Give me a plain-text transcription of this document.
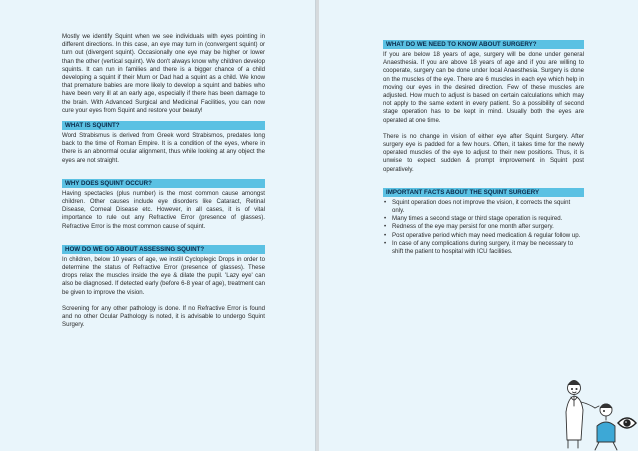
Mostly we identify Squint when we see individuals with eyes pointing in different directions. In this case, an eye may turn in (convergent squint) or turn out (divergent squint). Occasionally one eye may be higher or lower than the other (vertical squint). We don't always know why children develop squints. It can run in families and there is a bigger chance of a child developing a squint if their Mum or Dad had a squint as a child. We know that premature babies are more likely to develop a squint and babies who have been very ill at an early age, especially if there has been damage to the brain. With Advanced Surgical and Medicinal Facilities, you can now cure your eyes from Squint and restore your beauty!

WHAT IS SQUINT?

Word Strabismus is derived from Greek word Strabismos, predates long back to the time of Roman Empire. It is a condition of the eyes, where in there is an abnormal ocular alignment, thus while looking at any object the eyes are not straight.

WHY DOES SQUINT OCCUR?

Having spectacles (plus number) is the most common cause amongst children. Other causes include eye disorders like Cataract, Retinal Disease, Corneal Disease etc. However, in all cases, it is of vital importance to rule out any Refractive Error (presence of glasses). Refractive Error is the most common cause of squint.

HOW DO WE GO ABOUT ASSESSING SQUINT?

In children, below 10 years of age, we instill Cycloplegic Drops in order to determine the status of Refractive Error (presence of glasses). These drops relax the muscles inside the eye & dilate the pupil. 'Lazy eye' can also be diagnosed. If detected early (before 6-8 year of age), treatment can be given to improve the vision.

Screening for any other pathology is done. If no Refractive Error is found and no other Ocular Pathology is noted, it is advisable to undergo Squint Surgery.

WHAT DO WE NEED TO KNOW ABOUT SURGERY?

If you are below 18 years of age, surgery will be done under general Anaesthesia. If you are above 18 years of age and if you are willing to cooperate, surgery can be done under local Anaesthesia. Surgery is done on the muscles of the eye. There are 6 muscles in each eye which help in moving our eyes in the desired direction. Few of these muscles are adjusted. How much to adjust is based on certain calculations which may not apply to the same extent in every patient. So a possibility of second stage operation has to be kept in mind. Usually both the eyes are operated at one time.

There is no change in vision of either eye after Squint Surgery. After surgery eye is padded for a few hours. Often, it takes time for the newly operated muscles of the eye to adjust to their new positions. Thus, it is unwise to expect sudden & prompt improvement in Squint post operatively.

IMPORTANT FACTS ABOUT THE SQUINT SURGERY
• Squint operation does not improve the vision, it corrects the squint only.
• Many times a second stage or third stage operation is required.
• Redness of the eye may persist for one month after surgery.
• Post operative period which may need medication & regular follow up.
• In case of any complications during surgery, it may be necessary to shift the patient to hospital with ICU facilities.
